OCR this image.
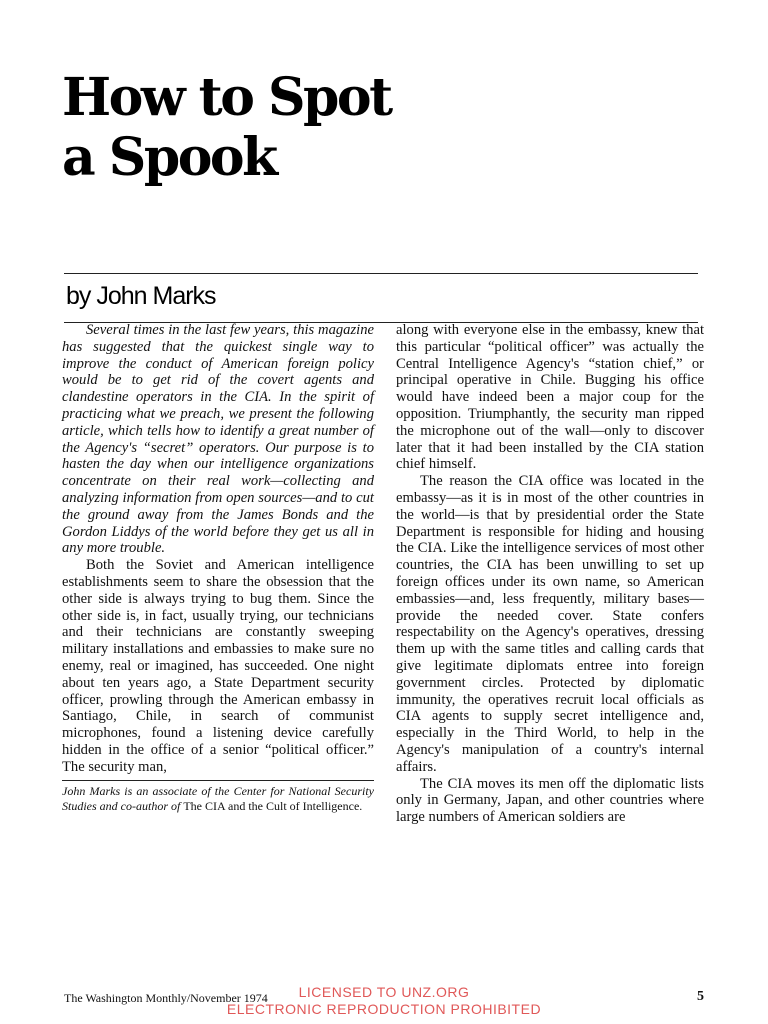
How to Spot
a Spook
by John Marks

Several times in the last few years, this magazine has suggested that the quickest single way to improve the conduct of American foreign policy would be to get rid of the covert agents and clandestine operators in the CIA. In the spirit of practicing what we preach, we present the following article, which tells how to identify a great number of the Agency's “secret” operators. Our purpose is to hasten the day when our intelligence organizations concentrate on their real work—collecting and analyzing information from open sources—and to cut the ground away from the James Bonds and the Gordon Liddys of the world before they get us all in any more trouble.

Both the Soviet and American intelligence establishments seem to share the obsession that the other side is always trying to bug them. Since the other side is, in fact, usually trying, our technicians and their technicians are constantly sweeping military installations and embassies to make sure no enemy, real or imagined, has succeeded. One night about ten years ago, a State Department security officer, prowling through the American embassy in Santiago, Chile, in search of communist microphones, found a listening device carefully hidden in the office of a senior “political officer.” The security man,

John Marks is an associate of the Center for National Security Studies and co-author of The CIA and the Cult of Intelligence.

along with everyone else in the embassy, knew that this particular “political officer” was actually the Central Intelligence Agency's “station chief,” or principal operative in Chile. Bugging his office would have indeed been a major coup for the opposition. Triumphantly, the security man ripped the microphone out of the wall—only to discover later that it had been installed by the CIA station chief himself.

The reason the CIA office was located in the embassy—as it is in most of the other countries in the world—is that by presidential order the State Department is responsible for hiding and housing the CIA. Like the intelligence services of most other countries, the CIA has been unwilling to set up foreign offices under its own name, so American embassies—and, less frequently, military bases—provide the needed cover. State confers respectability on the Agency's operatives, dressing them up with the same titles and calling cards that give legitimate diplomats entree into foreign government circles. Protected by diplomatic immunity, the operatives recruit local officials as CIA agents to supply secret intelligence and, especially in the Third World, to help in the Agency's manipulation of a country's internal affairs.

The CIA moves its men off the diplomatic lists only in Germany, Japan, and other countries where large numbers of American soldiers are

The Washington Monthly/November 1974	5
LICENSED TO UNZ.ORG
ELECTRONIC REPRODUCTION PROHIBITED
